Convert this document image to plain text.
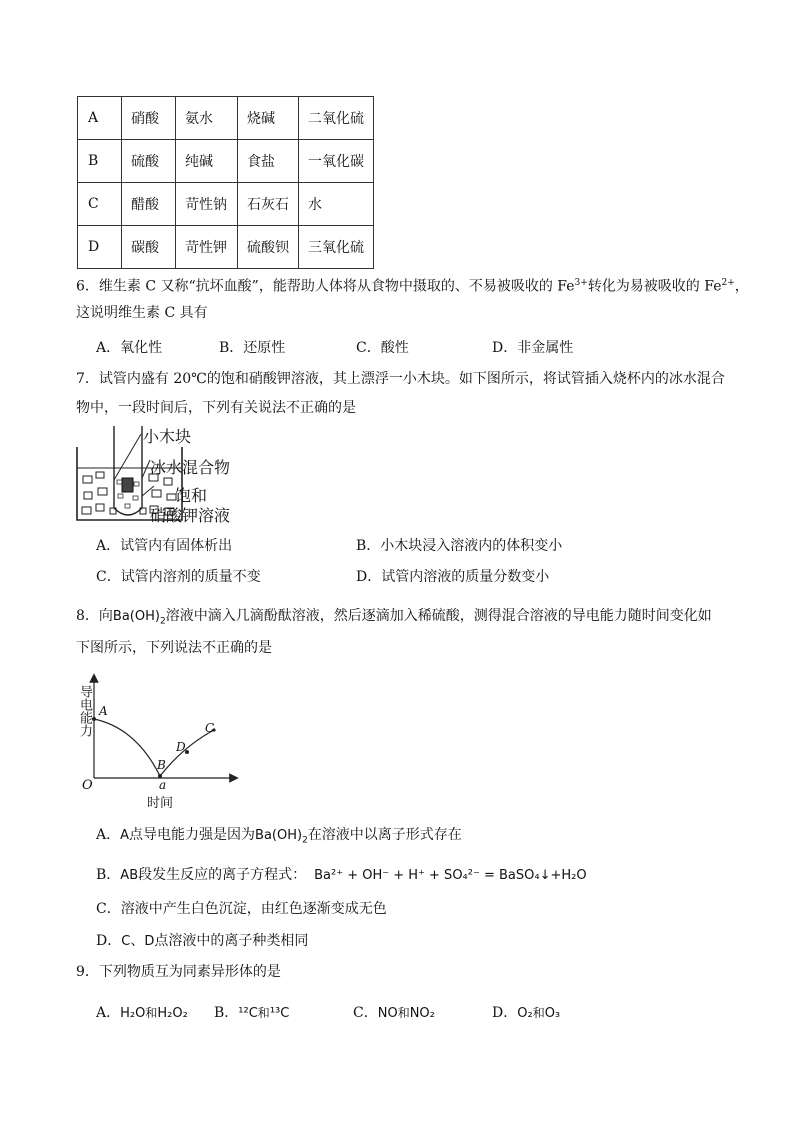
A	硝酸	氨水	烧碱	二氧化硫
B	硫酸	纯碱	食盐	一氧化碳
C	醋酸	苛性钠	石灰石	水
D	碳酸	苛性钾	硫酸钡	三氧化硫
6．维生素 C 又称“抗坏血酸”，能帮助人体将从食物中摄取的、不易被吸收的 $Fe^{3+}$转化为易被吸收的 $Fe^{2+}$，
这说明维生素 C 具有
A．氧化性	B．还原性	C．酸性	D．非金属性
7．试管内盛有 20℃的饱和硝酸钾溶液，其上漂浮一小木块。如下图所示，将试管插入烧杯内的冰水混合
物中，一段时间后，下列有关说法不正确的是
小木块
冰水混合物
饱和
硝酸钾溶液
A．试管内有固体析出	B．小木块浸入溶液内的体积变小
C．试管内溶剂的质量不变	D．试管内溶液的质量分数变小
8．向$Ba(OH)_2$溶液中滴入几滴酚酞溶液，然后逐滴加入稀硫酸，测得混合溶液的导电能力随时间变化如
下图所示，下列说法不正确的是
导电能力
时间
O
A
B
C
D
a
A．A点导电能力强是因为$Ba(OH)_2$在溶液中以离子形式存在
B．AB段发生反应的离子方程式： Ba²⁺ + OH⁻ + H⁺ + SO₄²⁻ = BaSO₄↓+H₂O
C．溶液中产生白色沉淀，由红色逐渐变成无色
D．C、D点溶液中的离子种类相同
9．下列物质互为同素异形体的是
A．H₂O和H₂O₂ B．¹²C和¹³C	C．NO和NO₂	D．O₂和O₃
